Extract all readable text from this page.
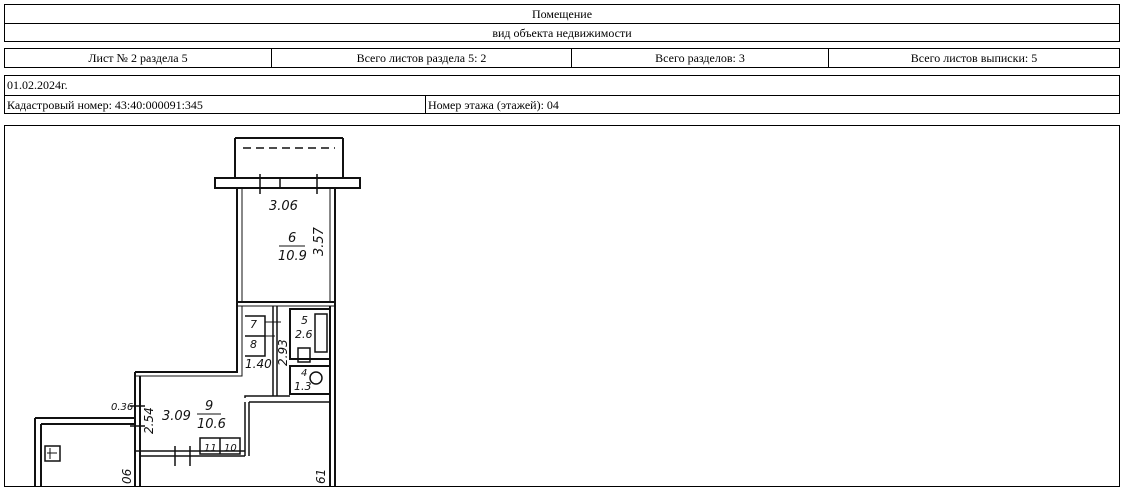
Помещение
вид объекта недвижимости
Лист № 2 раздела 5	Всего листов раздела 5: 2	Всего разделов: 3	Всего листов выписки: 5
01.02.2024г.
Кадастровый номер: 43:40:000091:345	Номер этажа (этажей): 04
3.06
6
10.9
3.57
7
8
1.40 2.93
5
2.6
4
1.3
3.09
9
10.6
2.54
0.36
11 10
06	61
